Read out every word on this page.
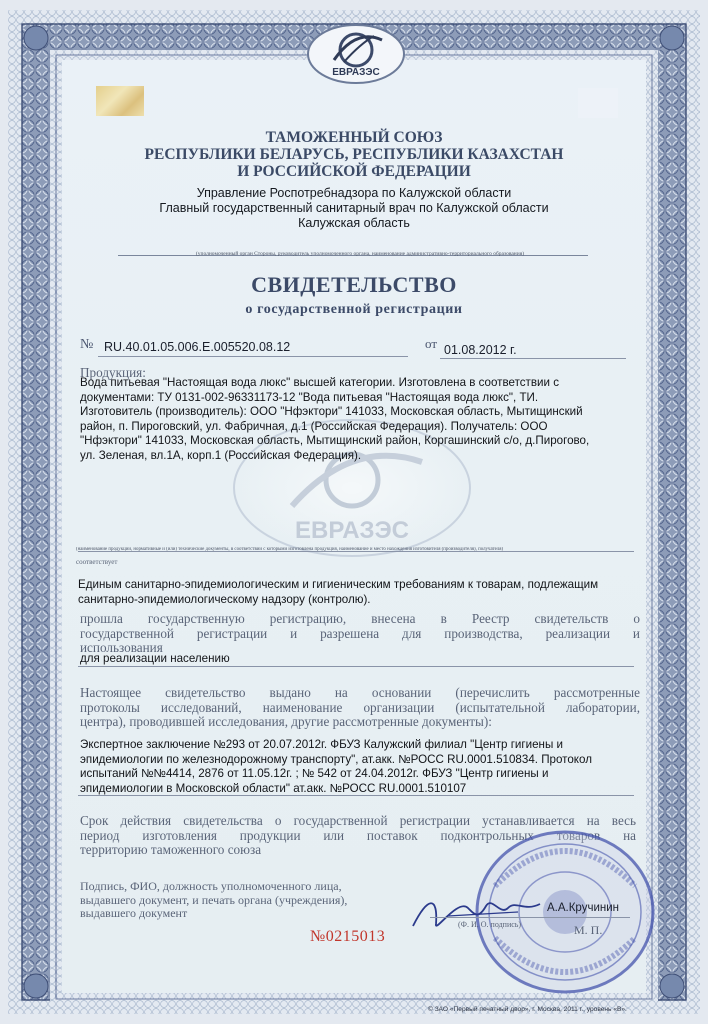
ЕВРАЗЭС
ЕВРАЗЭС
ТАМОЖЕННЫЙ СОЮЗ
РЕСПУБЛИКИ БЕЛАРУСЬ, РЕСПУБЛИКИ КАЗАХСТАН
И РОССИЙСКОЙ ФЕДЕРАЦИИ
Управление Роспотребнадзора по Калужской области
Главный государственный санитарный врач по Калужской области
Калужская область
(уполномоченный орган Стороны, руководитель уполномоченного органа, наименование административно-территориального образования)
СВИДЕТЕЛЬСТВО
о государственной регистрации
№ RU.40.01.05.006.Е.005520.08.12	от 01.08.2012 г.
Продукция:
Вода питьевая "Настоящая вода люкс" высшей категории. Изготовлена в соответствии с
документами: ТУ 0131-002-96331173-12 "Вода питьевая "Настоящая вода люкс", ТИ.
Изготовитель (производитель): ООО "Нфэктори" 141033, Московская область, Мытищинский
район, п. Пироговский, ул. Фабричная, д.1 (Российская Федерация). Получатель: ООО
"Нфэктори" 141033, Московская область, Мытищинский район, Коргашинский с/о, д.Пирогово,
ул. Зеленая, вл.1А, корп.1 (Российская Федерация).
(наименование продукции, нормативные и (или) технические документы, в соответствии с которыми изготовлена продукция, наименование и место нахождения изготовителя (производителя), получателя)
соответствует
Единым санитарно-эпидемиологическим и гигиеническим требованиям к товарам, подлежащим
санитарно-эпидемиологическому надзору (контролю).
прошла государственную регистрацию, внесена в Реестр свидетельств о
государственной регистрации и разрешена для производства, реализации и
использования
для реализации населению
Настоящее свидетельство выдано на основании (перечислить рассмотренные
протоколы исследований, наименование организации (испытательной лаборатории,
центра), проводившей исследования, другие рассмотренные документы):
Экспертное заключение №293 от 20.07.2012г. ФБУЗ Калужский филиал "Центр гигиены и
эпидемиологии по железнодорожному транспорту", ат.акк. №РОСС RU.0001.510834. Протокол
испытаний №№4414, 2876 от 11.05.12г. ; № 542 от 24.04.2012г. ФБУЗ "Центр гигиены и
эпидемиологии в Московской области" ат.акк. №РОСС RU.0001.510107
Срок действия свидетельства о государственной регистрации устанавливается на весь
период изготовления продукции или поставок подконтрольных товаров на
территорию таможенного союза
Подпись, ФИО, должность уполномоченного лица,
выдавшего документ, и печать органа (учреждения),
выдавшего документ	А.А.Кручинин
(Ф. И. О. подпись)	М. П.
№0215013
© ЗАО «Первый печатный двор», г. Москва, 2011 г., уровень «В».
